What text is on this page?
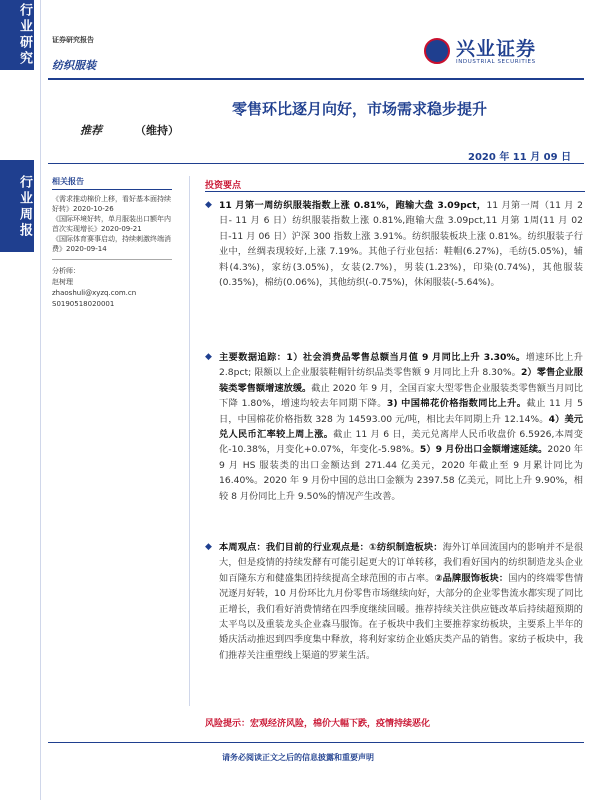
行业研究
行业周报
证券研究报告
纺织服装
兴业证券
INDUSTRIAL SECURITIES
零售环比逐月向好，市场需求稳步提升
推荐	（维持）
2020 年 11 月 09 日
相关报告
《需求推动棉价上移，看好基本面持续好转》2020-10-26
《国际环境好转，单月服装出口额年内首次实现增长》2020-09-21
《国际体育赛事启动，持续刺激终端消费》2020-09-14
分析师：
赵树理
zhaoshuli@xyzq.com.cn
S0190518020001
投资要点
◆ 11 月第一周纺织服装指数上涨 0.81%，跑输大盘 3.09pct，11 月第一周（11 月 2 日- 11 月 6 日）纺织服装指数上涨 0.81%,跑输大盘 3.09pct,11 月第 1周(11 月 02 日-11 月 06 日）沪深 300 指数上涨 3.91%。纺织服装板块上涨 0.81%。纺织服装子行业中，丝绸表现较好,上涨 7.19%。其他子行业包括：鞋帽(6.27%)，毛纺(5.05%)，辅料(4.3%)，家纺(3.05%)，女装(2.7%)，男装(1.23%)，印染(0.74%)，其他服装(0.35%)，棉纺(0.06%)，其他纺织(-0.75%)，休闲服装(-5.64%)。
◆ 主要数据追踪：1）社会消费品零售总额当月值 9 月同比上升 3.30%。增速环比上升 2.8pct; 限额以上企业服装鞋帽针纺织品类零售额 9 月同比上升 8.30%。2）零售企业服装类零售额增速放缓。截止 2020 年 9 月，全国百家大型零售企业服装类零售额当月同比下降 1.80%，增速均较去年同期下降。3) 中国棉花价格指数同比上升。截止 11 月 5 日，中国棉花价格指数 328 为 14593.00 元/吨，相比去年同期上升 12.14%。4）美元兑人民币汇率较上周上涨。截止 11 月 6 日，美元兑离岸人民币收盘价 6.5926,本周变化-10.38%，月变化+0.07%，年变化-5.98%。5）9 月份出口金额增速延续。2020 年 9 月 HS 服装类的出口金额达到 271.44 亿美元，2020 年截止至 9 月累计同比为 16.40%。2020 年 9 月份中国的总出口金额为 2397.58 亿美元，同比上升 9.90%，相较 8 月份同比上升 9.50%的情况产生改善。
◆ 本周观点：我们目前的行业观点是：①纺织制造板块：海外订单回流国内的影响并不是很大，但是疫情的持续发酵有可能引起更大的订单转移，我们看好国内的纺织制造龙头企业如百隆东方和健盛集团持续提高全球范围的市占率。②品牌服饰板块：国内的终端零售情况逐月好转，10 月份环比九月份零售市场继续向好，大部分的企业零售流水都实现了同比正增长，我们看好消费情绪在四季度继续回暖。推荐持续关注供应链改革后持续超预期的太平鸟以及重装龙头企业森马服饰。在子板块中我们主要推荐家纺板块，主要系上半年的婚庆活动推迟到四季度集中释放，将利好家纺企业婚庆类产品的销售。家纺子板块中，我们推荐关注重塑线上渠道的罗莱生活。
风险提示：宏观经济风险，棉价大幅下跌，疫情持续恶化
请务必阅读正文之后的信息披露和重要声明
